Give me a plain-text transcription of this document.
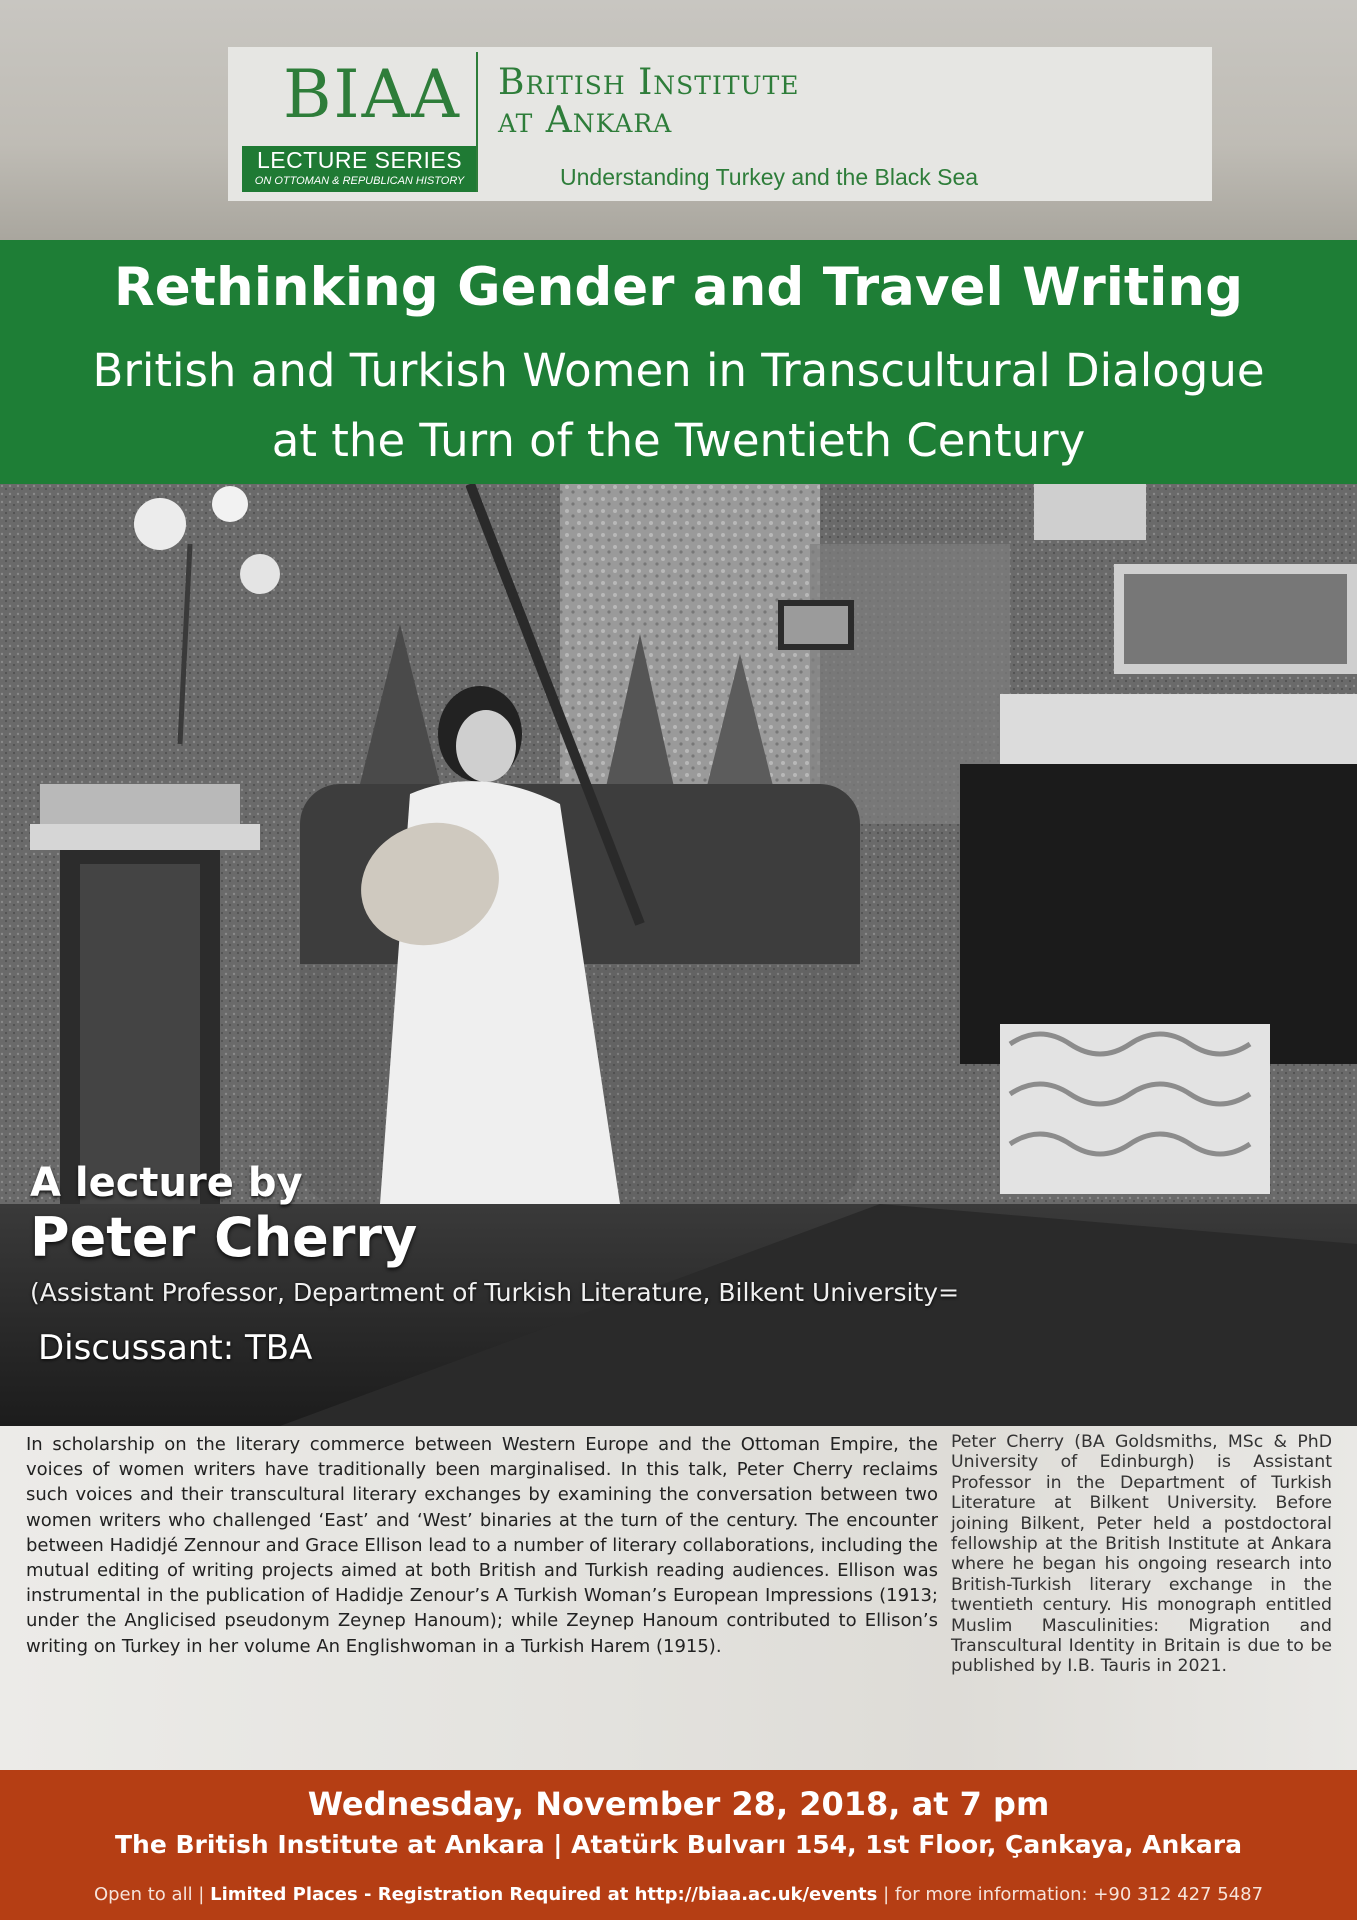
BIAA
LECTURE SERIES
ON OTTOMAN & REPUBLICAN HISTORY
British Institute
at Ankara
Understanding Turkey and the Black Sea
Rethinking Gender and Travel Writing
British and Turkish Women in Transcultural Dialogue
at the Turn of the Twentieth Century
A lecture by
Peter Cherry
(Assistant Professor, Department of Turkish Literature, Bilkent University=
Discussant: TBA
In scholarship on the literary commerce between Western Europe and the Ottoman Empire, the voices of women writers have traditionally been marginalised. In this talk, Peter Cherry reclaims such voices and their transcultural literary exchanges by examining the conversation between two women writers who challenged ‘East’ and ‘West’ binaries at the turn of the century. The encounter between Hadidjé Zennour and Grace Ellison lead to a number of literary collaborations, including the mutual editing of writing projects aimed at both British and Turkish reading audiences. Ellison was instrumental in the publication of Hadidje Zenour’s A Turkish Woman’s European Impressions (1913; under the Anglicised pseudonym Zeynep Hanoum); while Zeynep Hanoum contributed to Ellison’s writing on Turkey in her volume An Englishwoman in a Turkish Harem (1915).
Peter Cherry (BA Goldsmiths, MSc & PhD University of Edinburgh) is Assistant Professor in the Department of Turkish Literature at Bilkent University. Before joining Bilkent, Peter held a postdoctoral fellowship at the British Institute at Ankara where he began his ongoing research into British-Turkish literary exchange in the twentieth century. His monograph entitled Muslim Masculinities: Migration and Transcultural Identity in Britain is due to be published by I.B. Tauris in 2021.
Wednesday, November 28, 2018, at 7 pm
The British Institute at Ankara | Atatürk Bulvarı 154, 1st Floor, Çankaya, Ankara
Open to all | Limited Places - Registration Required at http://biaa.ac.uk/events | for more information: +90 312 427 5487
